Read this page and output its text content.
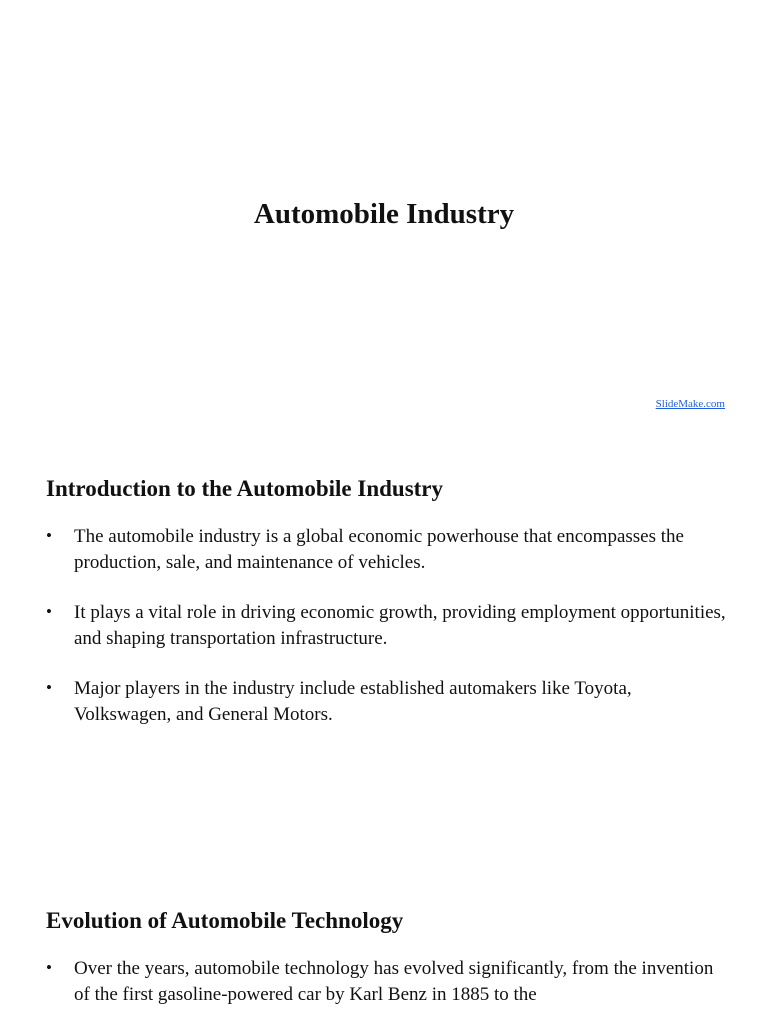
Automobile Industry
SlideMake.com
Introduction to the Automobile Industry
• The automobile industry is a global economic powerhouse that encompasses the production, sale, and maintenance of vehicles.
• It plays a vital role in driving economic growth, providing employment opportunities, and shaping transportation infrastructure.
• Major players in the industry include established automakers like Toyota, Volkswagen, and General Motors.
Evolution of Automobile Technology
• Over the years, automobile technology has evolved significantly, from the invention of the first gasoline-powered car by Karl Benz in 1885 to the
